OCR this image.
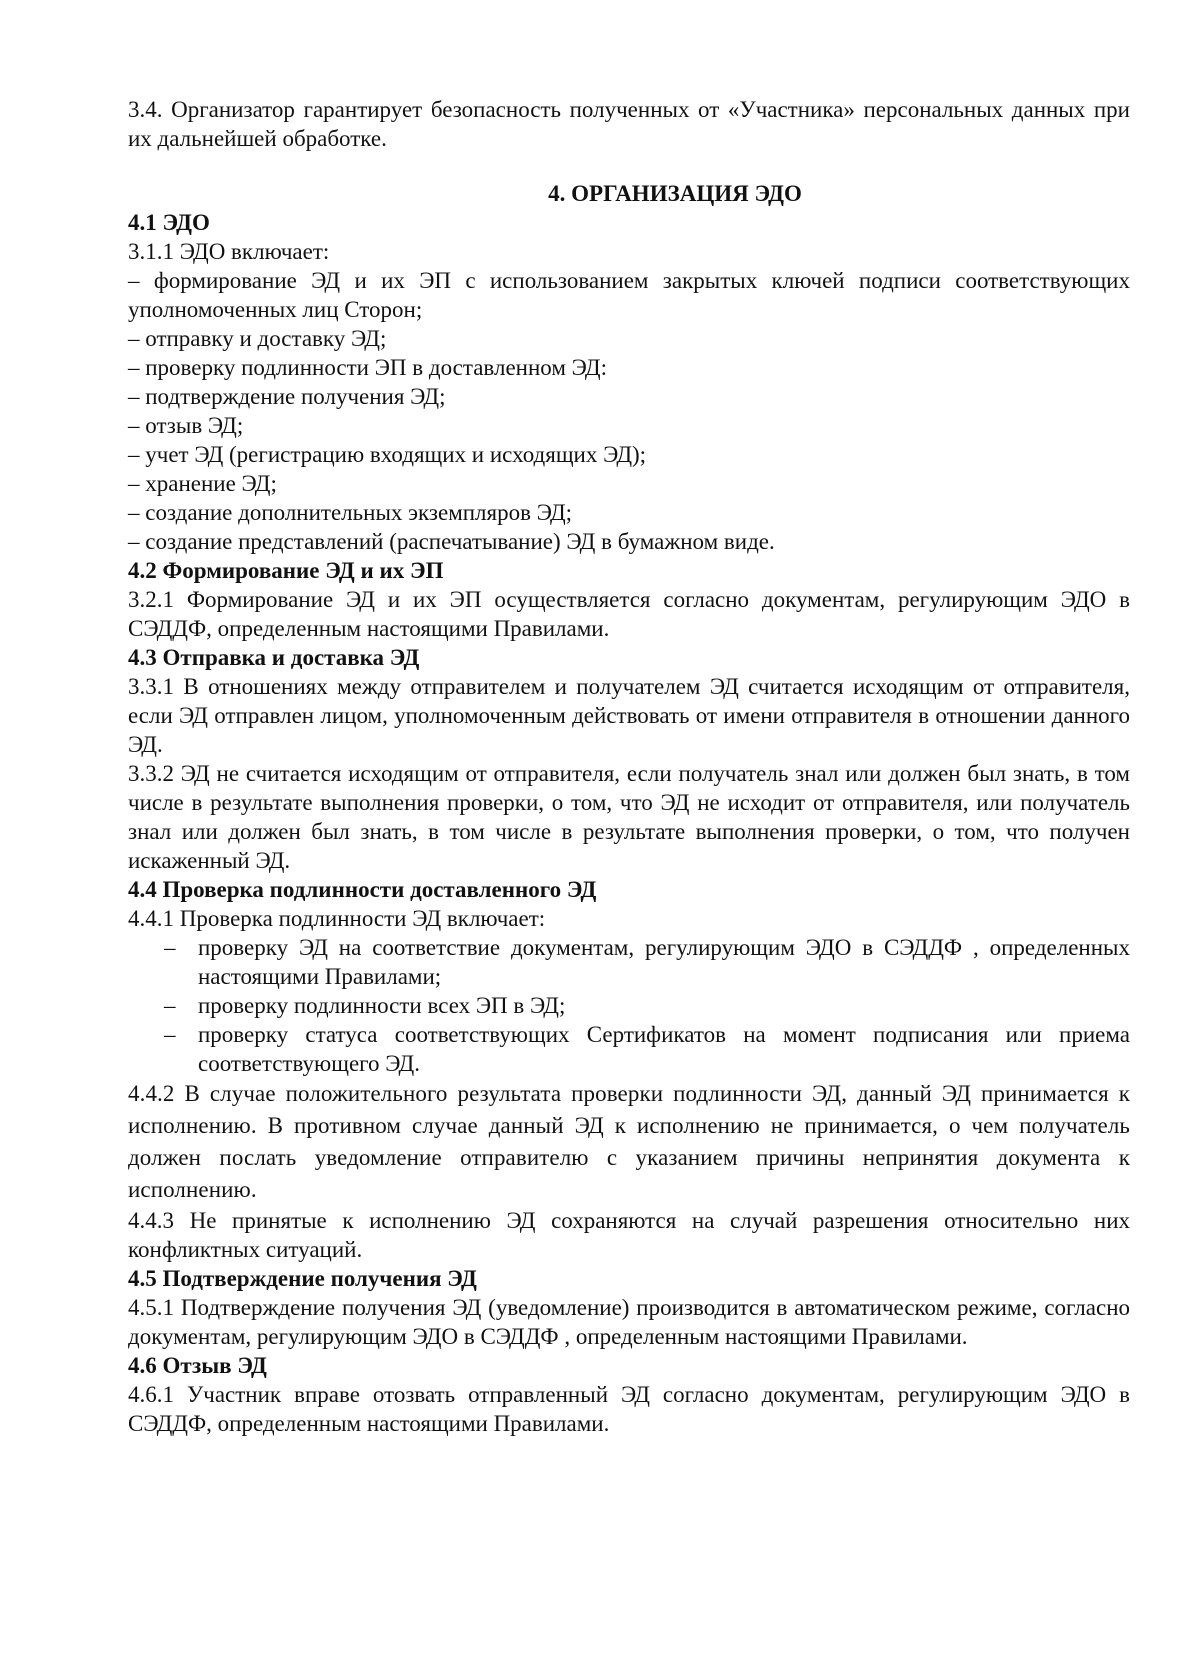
3.4. Организатор гарантирует безопасность полученных от «Участника» персональных данных при их дальнейшей обработке.

4. ОРГАНИЗАЦИЯ ЭДО
4.1 ЭДО

3.1.1 ЭДО включает:

– формирование ЭД и их ЭП с использованием закрытых ключей подписи соответствующих уполномоченных лиц Сторон;

– отправку и доставку ЭД;

– проверку подлинности ЭП в доставленном ЭД:

– подтверждение получения ЭД;

– отзыв ЭД;

– учет ЭД (регистрацию входящих и исходящих ЭД);

– хранение ЭД;

– создание дополнительных экземпляров ЭД;

– создание представлений (распечатывание) ЭД в бумажном виде.

4.2 Формирование ЭД и их ЭП

3.2.1 Формирование ЭД и их ЭП осуществляется согласно документам, регулирующим ЭДО в СЭДДФ, определенным настоящими Правилами.

4.3 Отправка и доставка ЭД

3.3.1 В отношениях между отправителем и получателем ЭД считается исходящим от отправителя, если ЭД отправлен лицом, уполномоченным действовать от имени отправителя в отношении данного ЭД.

3.3.2 ЭД не считается исходящим от отправителя, если получатель знал или должен был знать, в том числе в результате выполнения проверки, о том, что ЭД не исходит от отправителя, или получатель знал или должен был знать, в том числе в результате выполнения проверки, о том, что получен искаженный ЭД.

4.4 Проверка подлинности доставленного ЭД

4.4.1 Проверка подлинности ЭД включает:

– проверку ЭД на соответствие документам, регулирующим ЭДО в СЭДДФ , определенных настоящими Правилами;
– проверку подлинности всех ЭП в ЭД;
– проверку статуса соответствующих Сертификатов на момент подписания или приема соответствующего ЭД.

4.4.2 В случае положительного результата проверки подлинности ЭД, данный ЭД принимается к исполнению. В противном случае данный ЭД к исполнению не принимается, о чем получатель должен послать уведомление отправителю с указанием причины непринятия документа к исполнению.

4.4.3 Не принятые к исполнению ЭД сохраняются на случай разрешения относительно них конфликтных ситуаций.

4.5 Подтверждение получения ЭД

4.5.1 Подтверждение получения ЭД (уведомление) производится в автоматическом режиме, согласно документам, регулирующим ЭДО в СЭДДФ , определенным настоящими Правилами.

4.6 Отзыв ЭД

4.6.1 Участник вправе отозвать отправленный ЭД согласно документам, регулирующим ЭДО в СЭДДФ, определенным настоящими Правилами.
